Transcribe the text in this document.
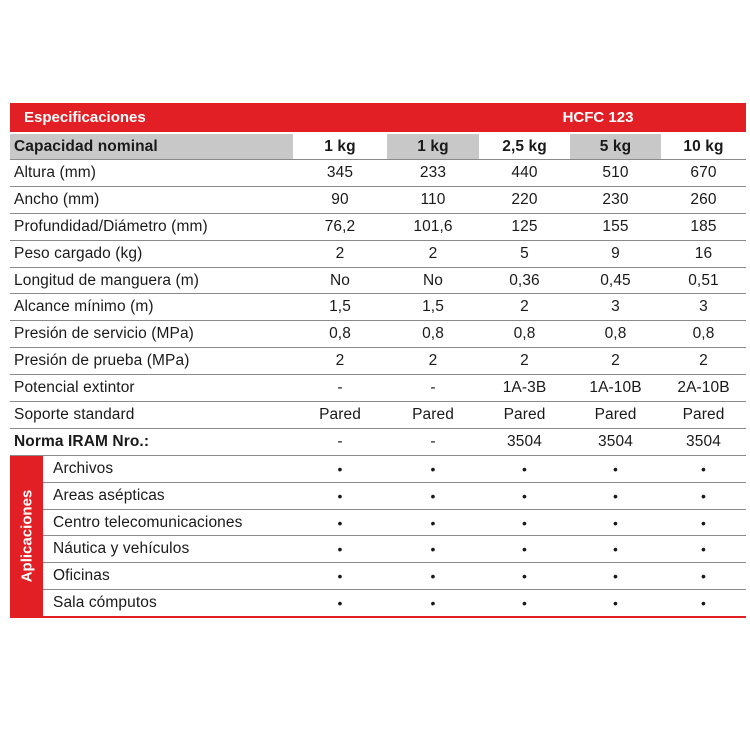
Especificaciones	HCFC 123
Capacidad nominal	1 kg	1 kg	2,5 kg	5 kg	10 kg
Altura (mm)	345	233	440	510	670
Ancho (mm)	90	110	220	230	260
Profundidad/Diámetro (mm)	76,2	101,6	125	155	185
Peso cargado (kg)	2	2	5	9	16
Longitud de manguera (m)	No	No	0,36	0,45	0,51
Alcance mínimo (m)	1,5	1,5	2	3	3
Presión de servicio (MPa)	0,8	0,8	0,8	0,8	0,8
Presión de prueba (MPa)	2	2	2	2	2
Potencial extintor	-	-	1A-3B	1A-10B	2A-10B
Soporte standard	Pared	Pared	Pared	Pared	Pared
Norma IRAM Nro.:	-	-	3504	3504	3504
Aplicaciones
Archivos	•	•	•	•	•
Areas asépticas	•	•	•	•	•
Centro telecomunicaciones	•	•	•	•	•
Náutica y vehículos	•	•	•	•	•
Oficinas	•	•	•	•	•
Sala cómputos	•	•	•	•	•
